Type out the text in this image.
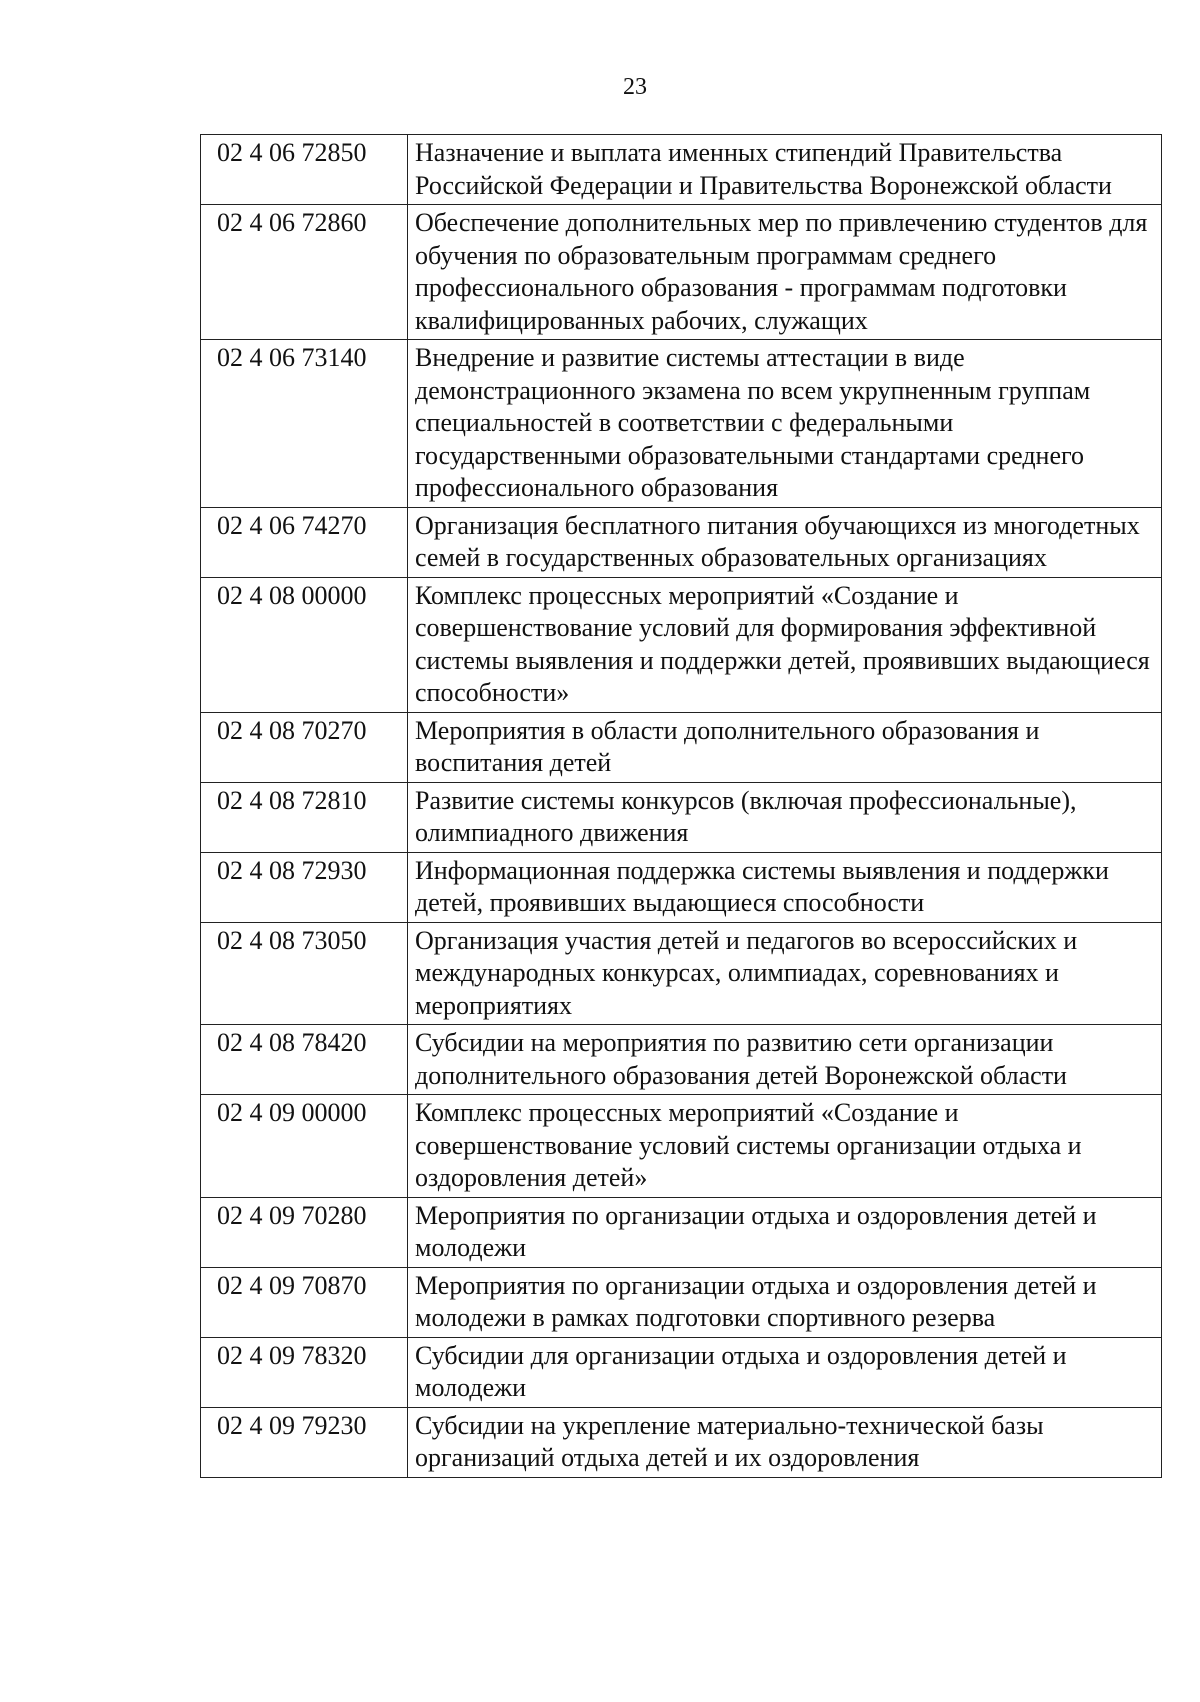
23
02 4 06 72850	Назначение и выплата именных стипендий Правительства Российской Федерации и Правительства Воронежской области
02 4 06 72860	Обеспечение дополнительных мер по привлечению студентов для обучения по образовательным программам среднего профессионального образования - программам подготовки квалифицированных рабочих, служащих
02 4 06 73140	Внедрение и развитие системы аттестации в виде демонстрационного экзамена по всем укрупненным группам специальностей в соответствии с федеральными государственными образовательными стандартами среднего профессионального образования
02 4 06 74270	Организация бесплатного питания обучающихся из многодетных семей в государственных образовательных организациях
02 4 08 00000	Комплекс процессных мероприятий «Создание и совершенствование условий для формирования эффективной системы выявления и поддержки детей, проявивших выдающиеся способности»
02 4 08 70270	Мероприятия в области дополнительного образования и воспитания детей
02 4 08 72810	Развитие системы конкурсов (включая профессиональные), олимпиадного движения
02 4 08 72930	Информационная поддержка системы выявления и поддержки детей, проявивших выдающиеся способности
02 4 08 73050	Организация участия детей и педагогов во всероссийских и международных конкурсах, олимпиадах, соревнованиях и мероприятиях
02 4 08 78420	Субсидии на мероприятия по развитию сети организации дополнительного образования детей Воронежской области
02 4 09 00000	Комплекс процессных мероприятий «Создание и совершенствование условий системы организации отдыха и оздоровления детей»
02 4 09 70280	Мероприятия по организации отдыха и оздоровления детей и молодежи
02 4 09 70870	Мероприятия по организации отдыха и оздоровления детей и молодежи в рамках подготовки спортивного резерва
02 4 09 78320	Субсидии для организации отдыха и оздоровления детей и молодежи
02 4 09 79230	Субсидии на укрепление материально-технической базы организаций отдыха детей и их оздоровления
